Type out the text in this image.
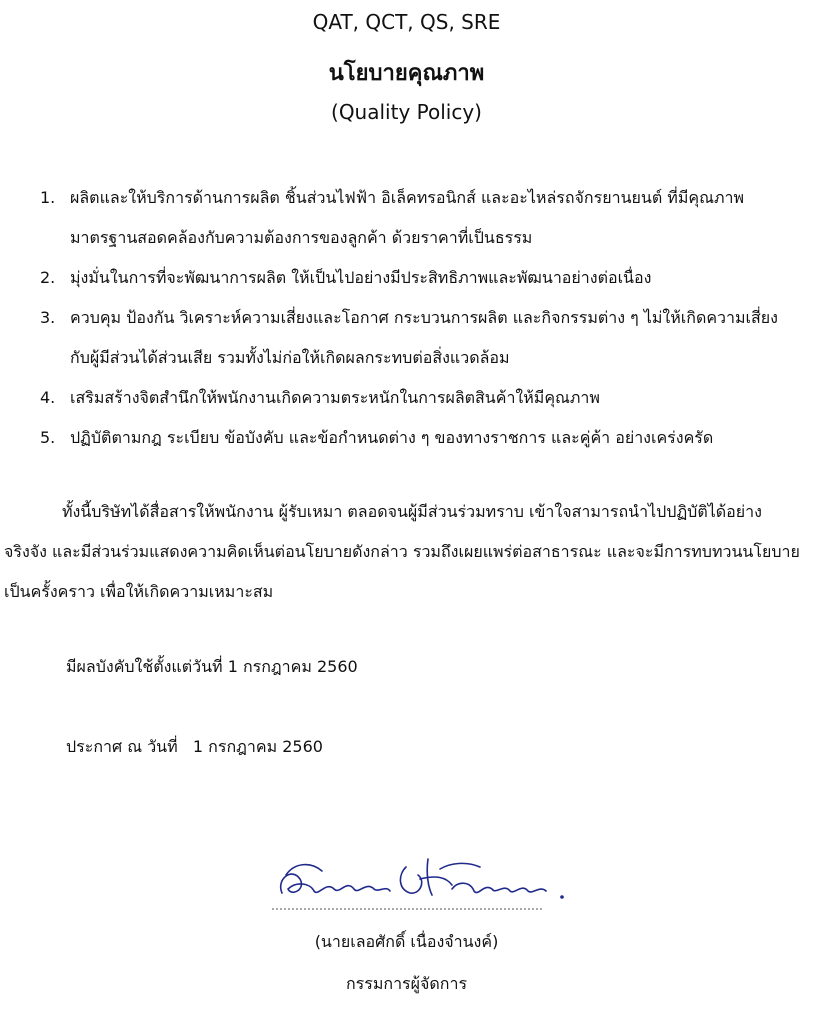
QAT, QCT, QS, SRE
นโยบายคุณภาพ
(Quality Policy)
1. ผลิตและให้บริการด้านการผลิต ชิ้นส่วนไฟฟ้า อิเล็คทรอนิกส์ และอะไหล่รถจักรยานยนต์ ที่มีคุณภาพมาตรฐานสอดคล้องกับความต้องการของลูกค้า ด้วยราคาที่เป็นธรรม
2. มุ่งมั่นในการที่จะพัฒนาการผลิต ให้เป็นไปอย่างมีประสิทธิภาพและพัฒนาอย่างต่อเนื่อง
3. ควบคุม ป้องกัน วิเคราะห์ความเสี่ยงและโอกาศ กระบวนการผลิต และกิจกรรมต่าง ๆ ไม่ให้เกิดความเสี่ยงกับผู้มีส่วนได้ส่วนเสีย รวมทั้งไม่ก่อให้เกิดผลกระทบต่อสิ่งแวดล้อม
4. เสริมสร้างจิตสำนึกให้พนักงานเกิดความตระหนักในการผลิตสินค้าให้มีคุณภาพ
5. ปฏิบัติตามกฎ ระเบียบ ข้อบังคับ และข้อกำหนดต่าง ๆ ของทางราชการ และคู่ค้า อย่างเคร่งครัด

ทั้งนี้บริษัทได้สื่อสารให้พนักงาน ผู้รับเหมา ตลอดจนผู้มีส่วนร่วมทราบ เข้าใจสามารถนำไปปฏิบัติได้อย่างจริงจัง และมีส่วนร่วมแสดงความคิดเห็นต่อนโยบายดังกล่าว รวมถึงเผยแพร่ต่อสาธารณะ และจะมีการทบทวนนโยบายเป็นครั้งคราว เพื่อให้เกิดความเหมาะสม

มีผลบังคับใช้ตั้งแต่วันที่ 1 กรกฎาคม 2560
ประกาศ ณ วันที่   1 กรกฎาคม 2560
(นายเลอศักดิ์ เนื่องจำนงค์)
กรรมการผู้จัดการ
